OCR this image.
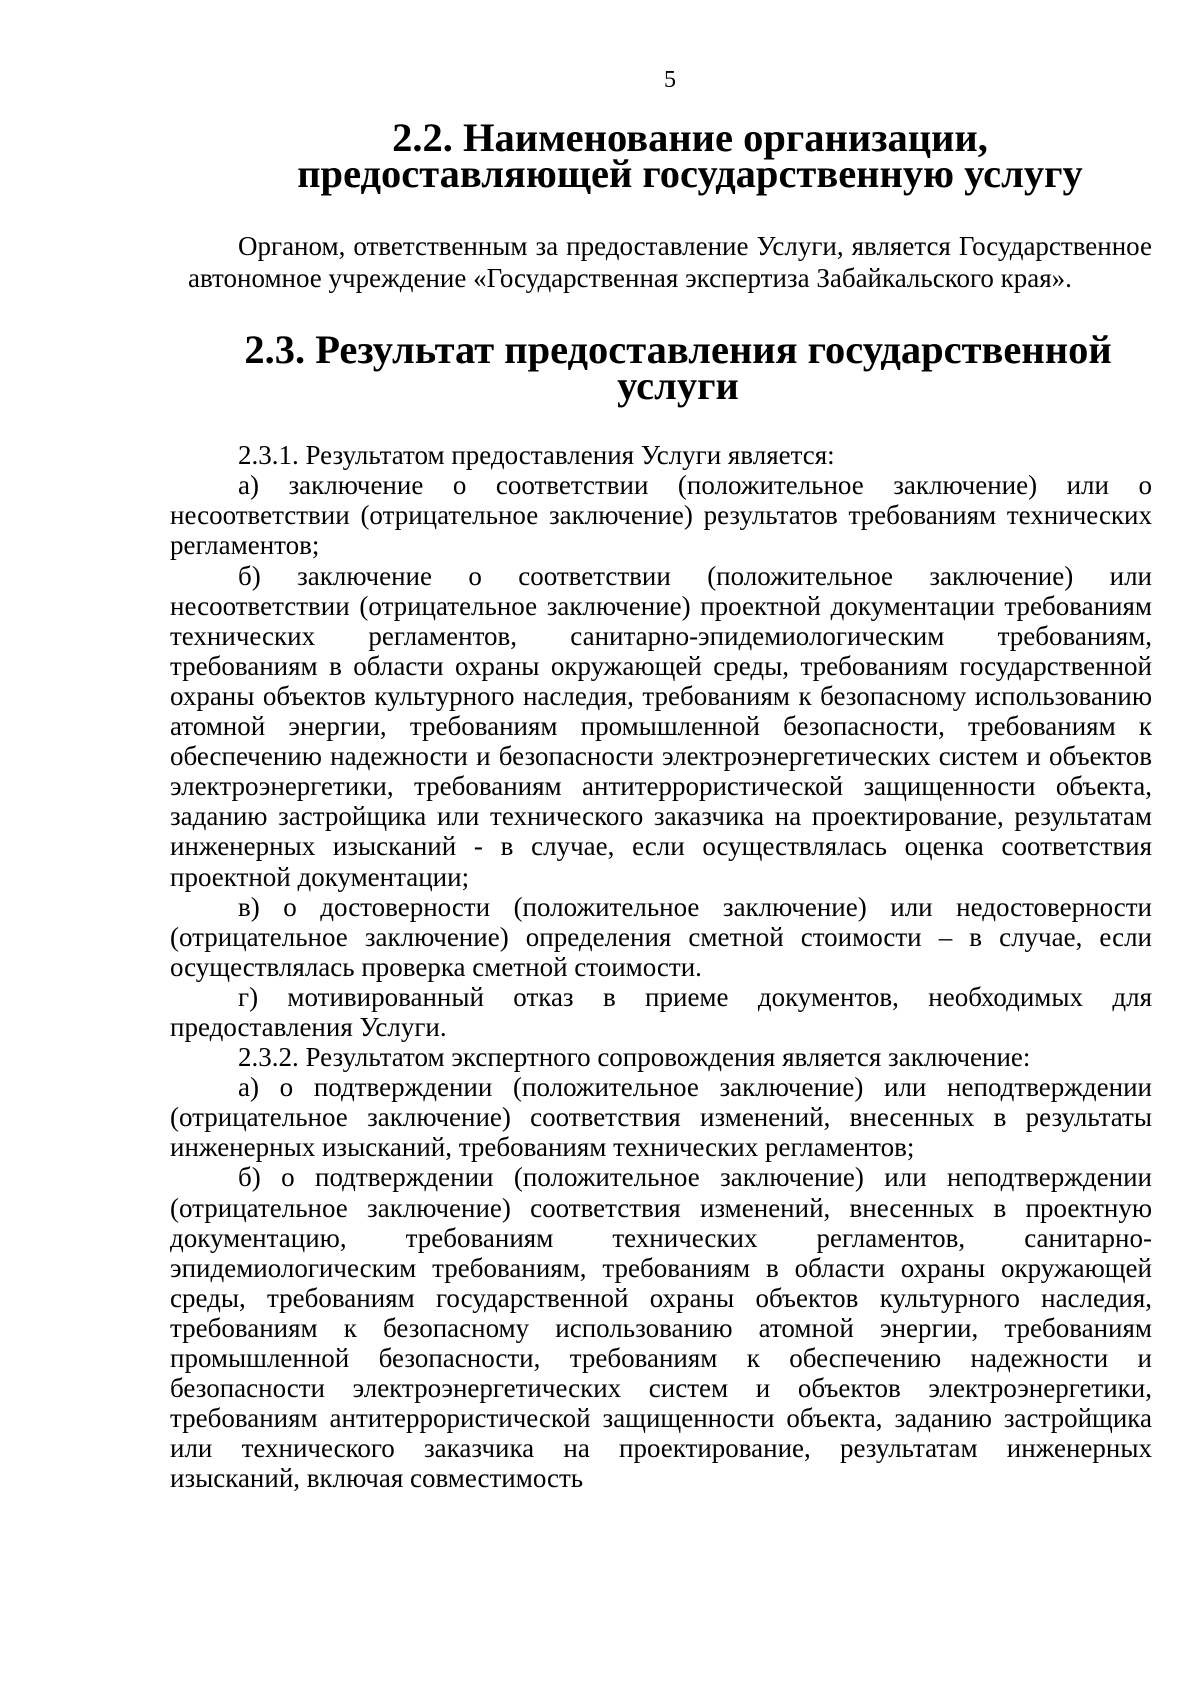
5
2.2. Наименование организации,
предоставляющей государственную услугу

Органом, ответственным за предоставление Услуги, является Государственное автономное учреждение «Государственная экспертиза Забайкальского края».

2.3. Результат предоставления государственной услуги

2.3.1. Результатом предоставления Услуги является:

а) заключение о соответствии (положительное заключение) или о несоответствии (отрицательное заключение) результатов требованиям технических регламентов;

б) заключение о соответствии (положительное заключение) или несоответствии (отрицательное заключение) проектной документации требованиям технических регламентов, санитарно-эпидемиологическим требованиям, требованиям в области охраны окружающей среды, требованиям государственной охраны объектов культурного наследия, требованиям к безопасному использованию атомной энергии, требованиям промышленной безопасности, требованиям к обеспечению надежности и безопасности электроэнергетических систем и объектов электроэнергетики, требованиям антитеррористической защищенности объекта, заданию застройщика или технического заказчика на проектирование, результатам инженерных изысканий - в случае, если осуществлялась оценка соответствия проектной документации;

в) о достоверности (положительное заключение) или недостоверности (отрицательное заключение) определения сметной стоимости – в случае, если осуществлялась проверка сметной стоимости.

г) мотивированный отказ в приеме документов, необходимых для предоставления Услуги.

2.3.2. Результатом экспертного сопровождения является заключение:

а) о подтверждении (положительное заключение) или неподтверждении (отрицательное заключение) соответствия изменений, внесенных в результаты инженерных изысканий, требованиям технических регламентов;

б) о подтверждении (положительное заключение) или неподтверждении (отрицательное заключение) соответствия изменений, внесенных в проектную документацию, требованиям технических регламентов, санитарно-эпидемиологическим требованиям, требованиям в области охраны окружающей среды, требованиям государственной охраны объектов культурного наследия, требованиям к безопасному использованию атомной энергии, требованиям промышленной безопасности, требованиям к обеспечению надежности и безопасности электроэнергетических систем и объектов электроэнергетики, требованиям антитеррористической защищенности объекта, заданию застройщика или технического заказчика на проектирование, результатам инженерных изысканий, включая совместимость
